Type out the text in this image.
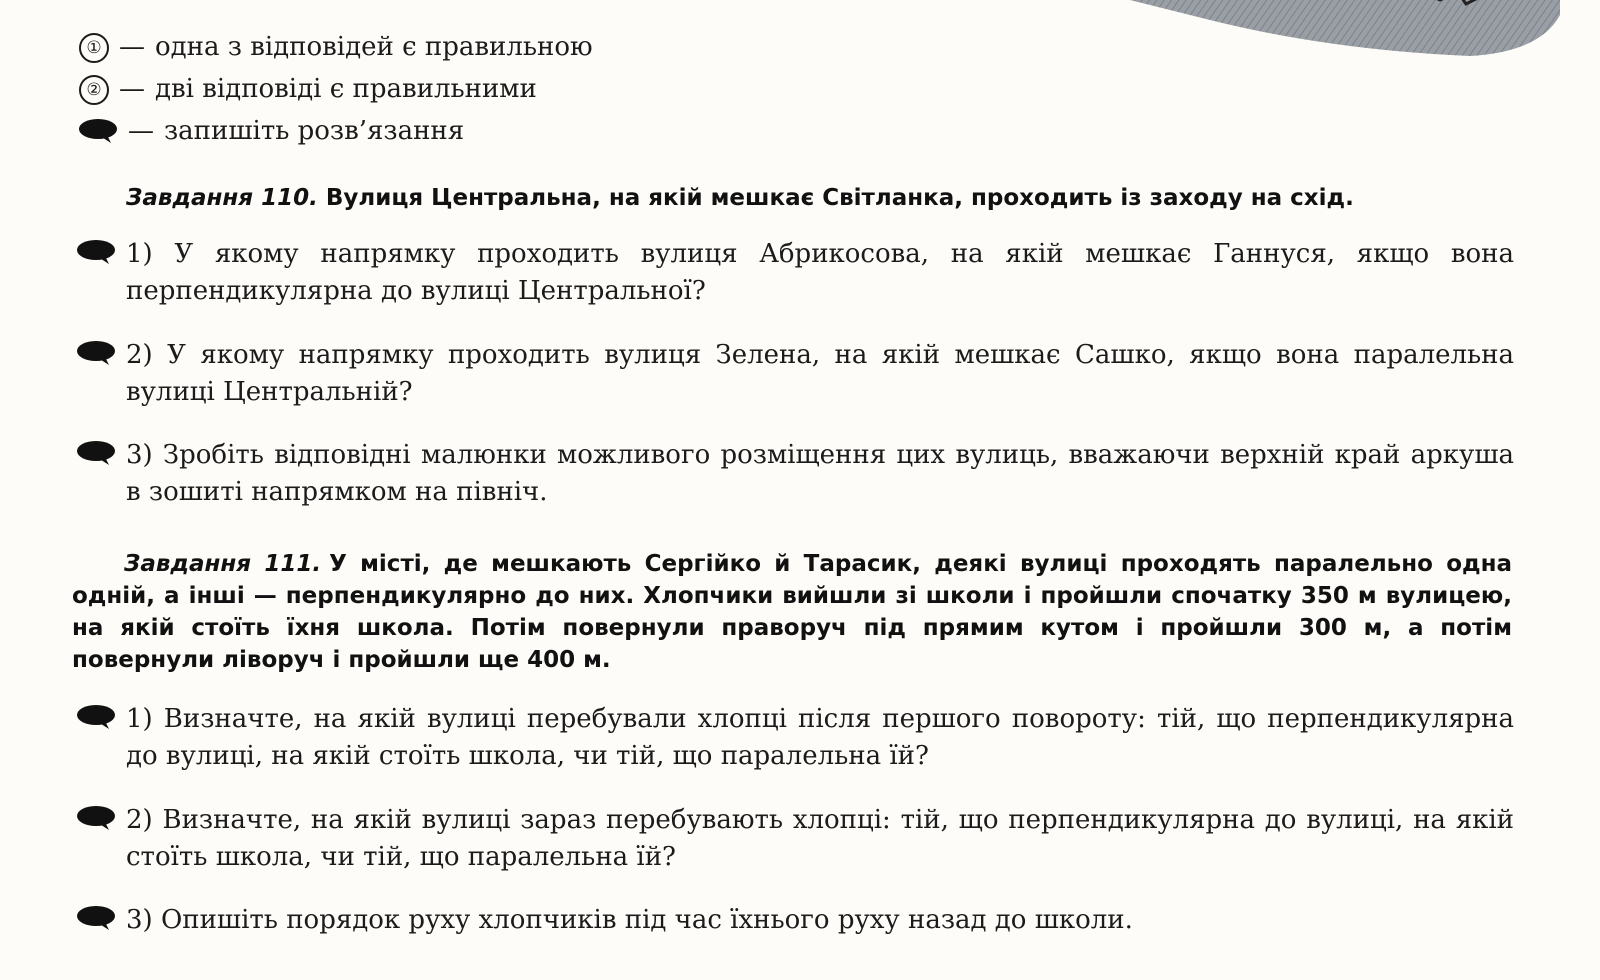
① — одна з відповідей є правильною
② — дві відповіді є правильними
— запишіть розв’язання
Завдання 110. Вулиця Центральна, на якій мешкає Світланка, проходить із заходу на схід.
1) У якому напрямку проходить вулиця Абрикосова, на якій мешкає Ганнуся, якщо вона перпендикулярна до вулиці Центральної?
2) У якому напрямку проходить вулиця Зелена, на якій мешкає Сашко, якщо вона паралельна вулиці Центральній?
3) Зробіть відповідні малюнки можливого розміщення цих вулиць, вважаючи верхній край аркуша в зошиті напрямком на північ.
Завдання 111. У місті, де мешкають Сергійко й Тарасик, деякі вулиці проходять паралельно одна одній, а інші — перпендикулярно до них. Хлопчики вийшли зі школи і пройшли спочатку 350 м вулицею, на якій стоїть їхня школа. Потім повернули праворуч під прямим кутом і пройшли 300 м, а потім повернули ліворуч і пройшли ще 400 м.
1) Визначте, на якій вулиці перебували хлопці після першого повороту: тій, що перпендикулярна до вулиці, на якій стоїть школа, чи тій, що паралельна їй?
2) Визначте, на якій вулиці зараз перебувають хлопці: тій, що перпендикулярна до вулиці, на якій стоїть школа, чи тій, що паралельна їй?
3) Опишіть порядок руху хлопчиків під час їхнього руху назад до школи.
